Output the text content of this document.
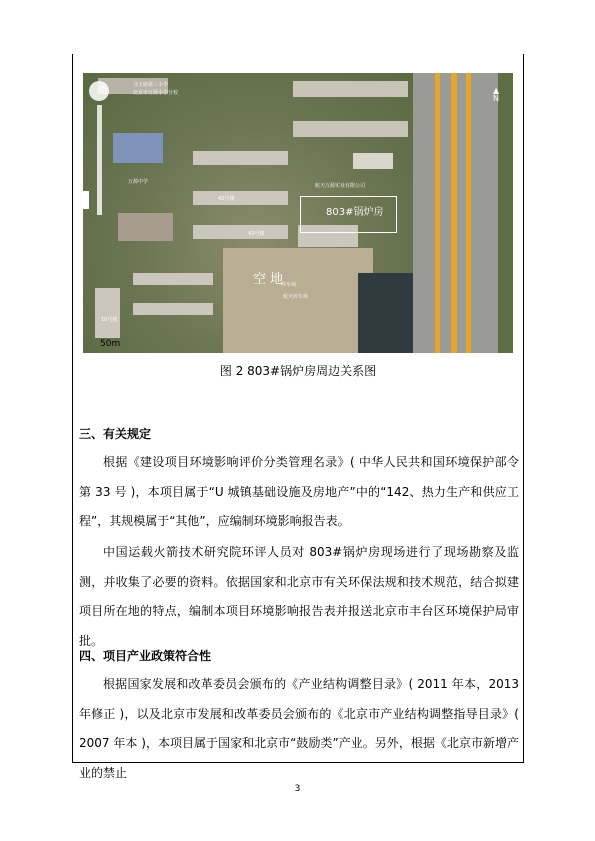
▲
N
马王庙第三小学
北京市万源小学分校
万源中学
42号楼
43号楼
10号楼
航天万源实业有限公司
803#锅炉房
空 地
停车场
航天停车场
50m
图 2 803#锅炉房周边关系图
三、有关规定
根据《建设项目环境影响评价分类管理名录》( 中华人民共和国环境保护部令第 33 号 )，本项目属于“U 城镇基础设施及房地产”中的“142、热力生产和供应工程”，其规模属于“其他”，应编制环境影响报告表。
中国运载火箭技术研究院环评人员对 803#锅炉房现场进行了现场勘察及监测，并收集了必要的资料。依据国家和北京市有关环保法规和技术规范，结合拟建项目所在地的特点，编制本项目环境影响报告表并报送北京市丰台区环境保护局审批。
四、项目产业政策符合性
根据国家发展和改革委员会颁布的《产业结构调整目录》( 2011 年本，2013 年修正 )，以及北京市发展和改革委员会颁布的《北京市产业结构调整指导目录》( 2007 年本 )，本项目属于国家和北京市“鼓励类”产业。另外，根据《北京市新增产业的禁止
3
